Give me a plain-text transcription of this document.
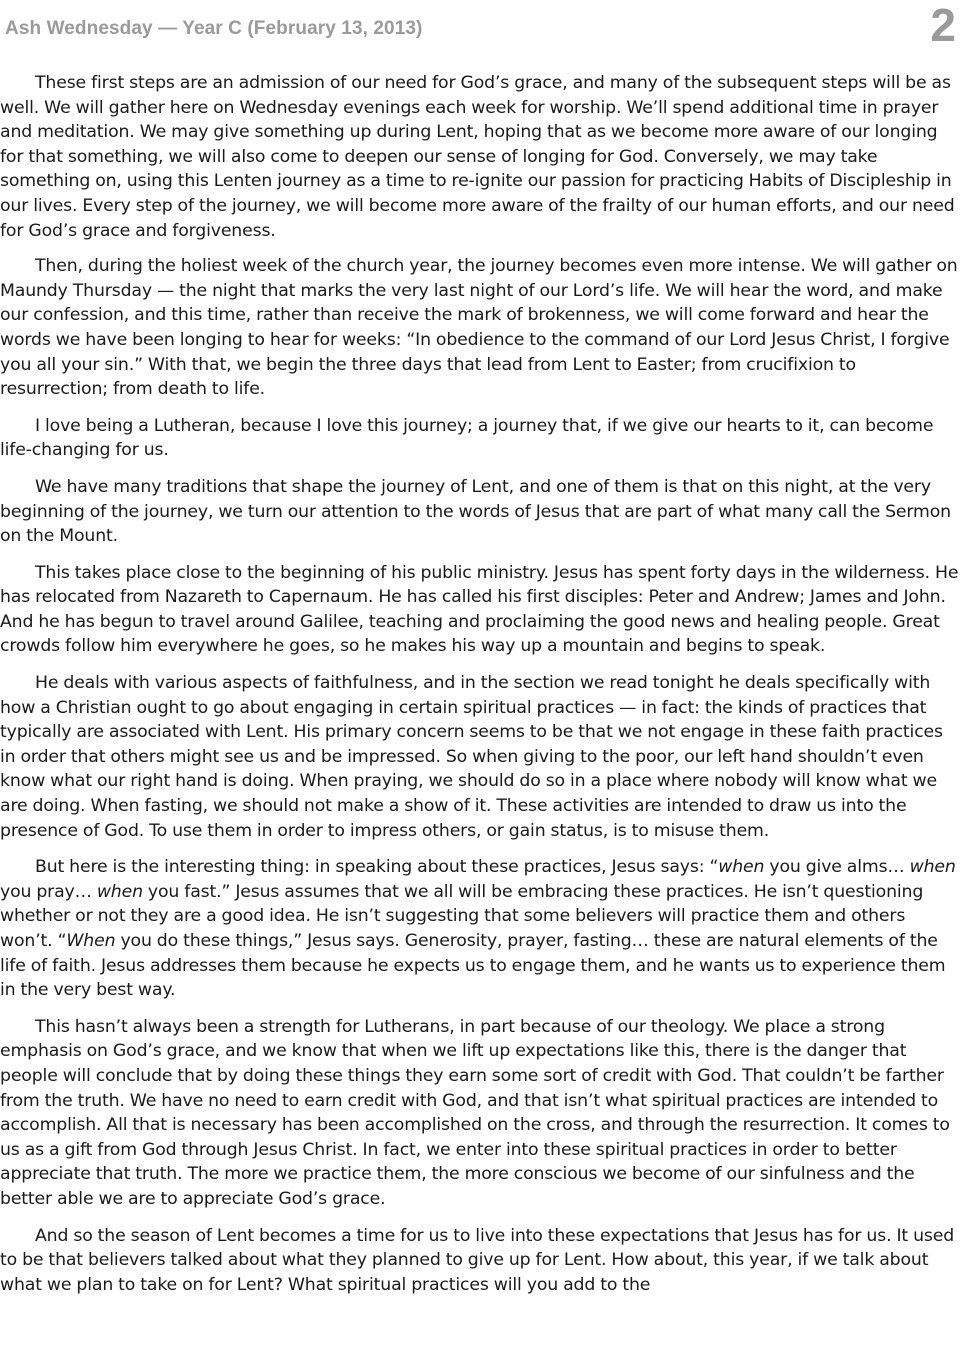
Ash Wednesday — Year C (February 13, 2013)	2

These first steps are an admission of our need for God’s grace, and many of the subsequent steps will be as well. We will gather here on Wednesday evenings each week for worship. We’ll spend additional time in prayer and meditation. We may give something up during Lent, hoping that as we become more aware of our longing for that something, we will also come to deepen our sense of longing for God. Conversely, we may take something on, using this Lenten journey as a time to re-ignite our passion for practicing Habits of Discipleship in our lives. Every step of the journey, we will become more aware of the frailty of our human efforts, and our need for God’s grace and forgiveness.

Then, during the holiest week of the church year, the journey becomes even more intense. We will gather on Maundy Thursday — the night that marks the very last night of our Lord’s life. We will hear the word, and make our confession, and this time, rather than receive the mark of brokenness, we will come forward and hear the words we have been longing to hear for weeks: “In obedience to the command of our Lord Jesus Christ, I forgive you all your sin.” With that, we begin the three days that lead from Lent to Easter; from crucifixion to resurrection; from death to life.

I love being a Lutheran, because I love this journey; a journey that, if we give our hearts to it, can become life-changing for us.

We have many traditions that shape the journey of Lent, and one of them is that on this night, at the very beginning of the journey, we turn our attention to the words of Jesus that are part of what many call the Sermon on the Mount.

This takes place close to the beginning of his public ministry. Jesus has spent forty days in the wilderness. He has relocated from Nazareth to Capernaum. He has called his first disciples: Peter and Andrew; James and John. And he has begun to travel around Galilee, teaching and proclaiming the good news and healing people. Great crowds follow him everywhere he goes, so he makes his way up a mountain and begins to speak.

He deals with various aspects of faithfulness, and in the section we read tonight he deals specifically with how a Christian ought to go about engaging in certain spiritual practices — in fact: the kinds of practices that typically are associated with Lent. His primary concern seems to be that we not engage in these faith practices in order that others might see us and be impressed. So when giving to the poor, our left hand shouldn’t even know what our right hand is doing. When praying, we should do so in a place where nobody will know what we are doing. When fasting, we should not make a show of it. These activities are intended to draw us into the presence of God. To use them in order to impress others, or gain status, is to misuse them.

But here is the interesting thing: in speaking about these practices, Jesus says: “when you give alms… when you pray… when you fast.” Jesus assumes that we all will be embracing these practices. He isn’t questioning whether or not they are a good idea. He isn’t suggesting that some believers will practice them and others won’t. “When you do these things,” Jesus says. Generosity, prayer, fasting… these are natural elements of the life of faith. Jesus addresses them because he expects us to engage them, and he wants us to experience them in the very best way.

This hasn’t always been a strength for Lutherans, in part because of our theology. We place a strong emphasis on God’s grace, and we know that when we lift up expectations like this, there is the danger that people will conclude that by doing these things they earn some sort of credit with God. That couldn’t be farther from the truth. We have no need to earn credit with God, and that isn’t what spiritual practices are intended to accomplish. All that is necessary has been accomplished on the cross, and through the resurrection. It comes to us as a gift from God through Jesus Christ. In fact, we enter into these spiritual practices in order to better appreciate that truth. The more we practice them, the more conscious we become of our sinfulness and the better able we are to appreciate God’s grace.

And so the season of Lent becomes a time for us to live into these expectations that Jesus has for us. It used to be that believers talked about what they planned to give up for Lent. How about, this year, if we talk about what we plan to take on for Lent? What spiritual practices will you add to the
